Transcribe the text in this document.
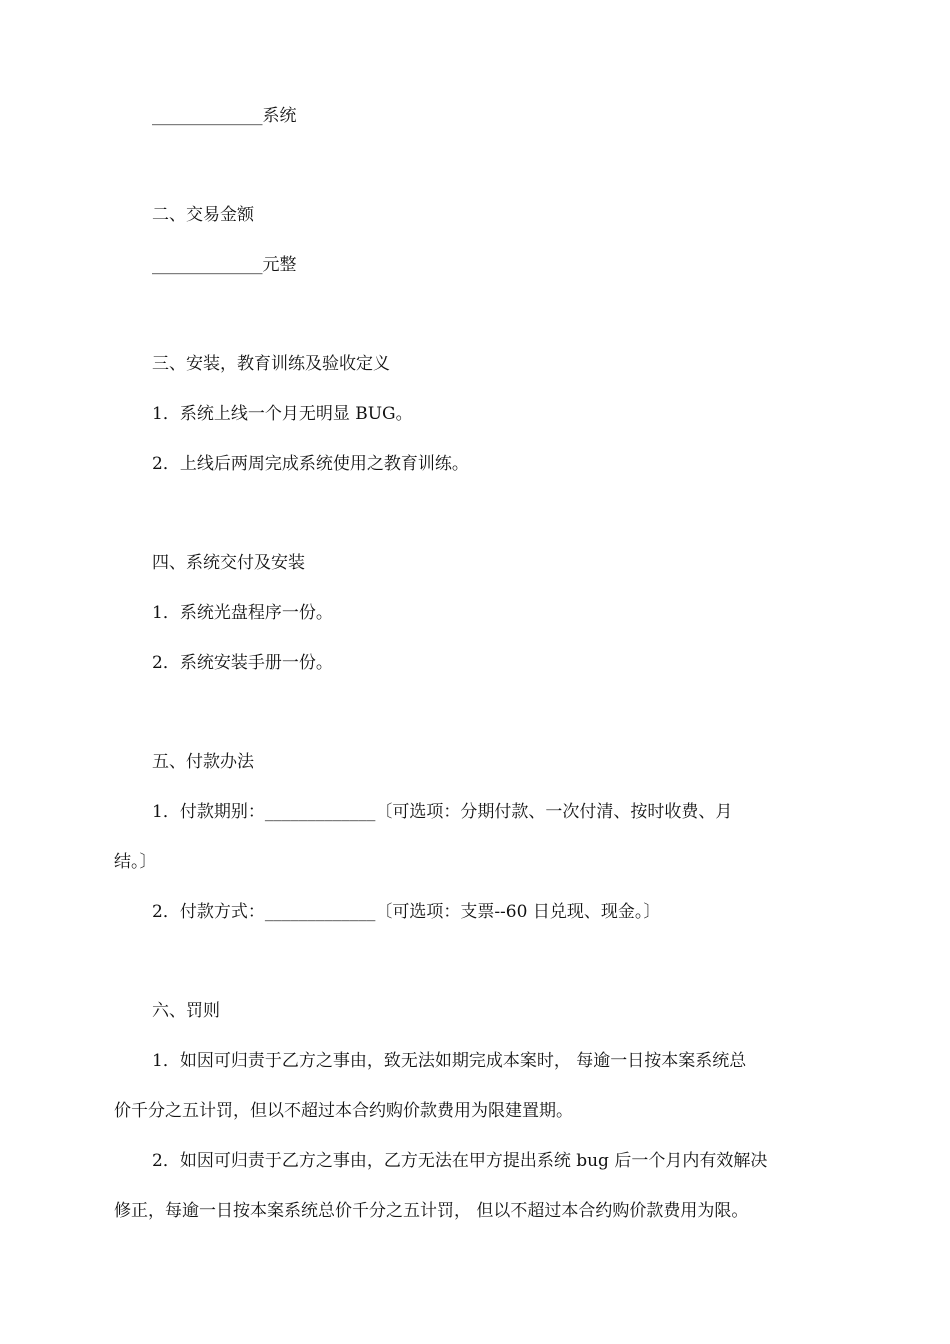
_____________系统
二、交易金额
_____________元整
三、安装，教育训练及验收定义
1．系统上线一个月无明显 BUG。
2．上线后两周完成系统使用之教育训练。
四、系统交付及安装
1．系统光盘程序一份。
2．系统安装手册一份。
五、付款办法
1．付款期别：_____________〔可选项：分期付款、一次付清、按时收费、月
结。〕
2．付款方式：_____________〔可选项：支票--60 日兑现、现金。〕
六、罚则
1．如因可归责于乙方之事由，致无法如期完成本案时， 每逾一日按本案系统总
价千分之五计罚，但以不超过本合约购价款费用为限建置期。
2．如因可归责于乙方之事由，乙方无法在甲方提出系统 bug 后一个月内有效解决
修正，每逾一日按本案系统总价千分之五计罚， 但以不超过本合约购价款费用为限。
